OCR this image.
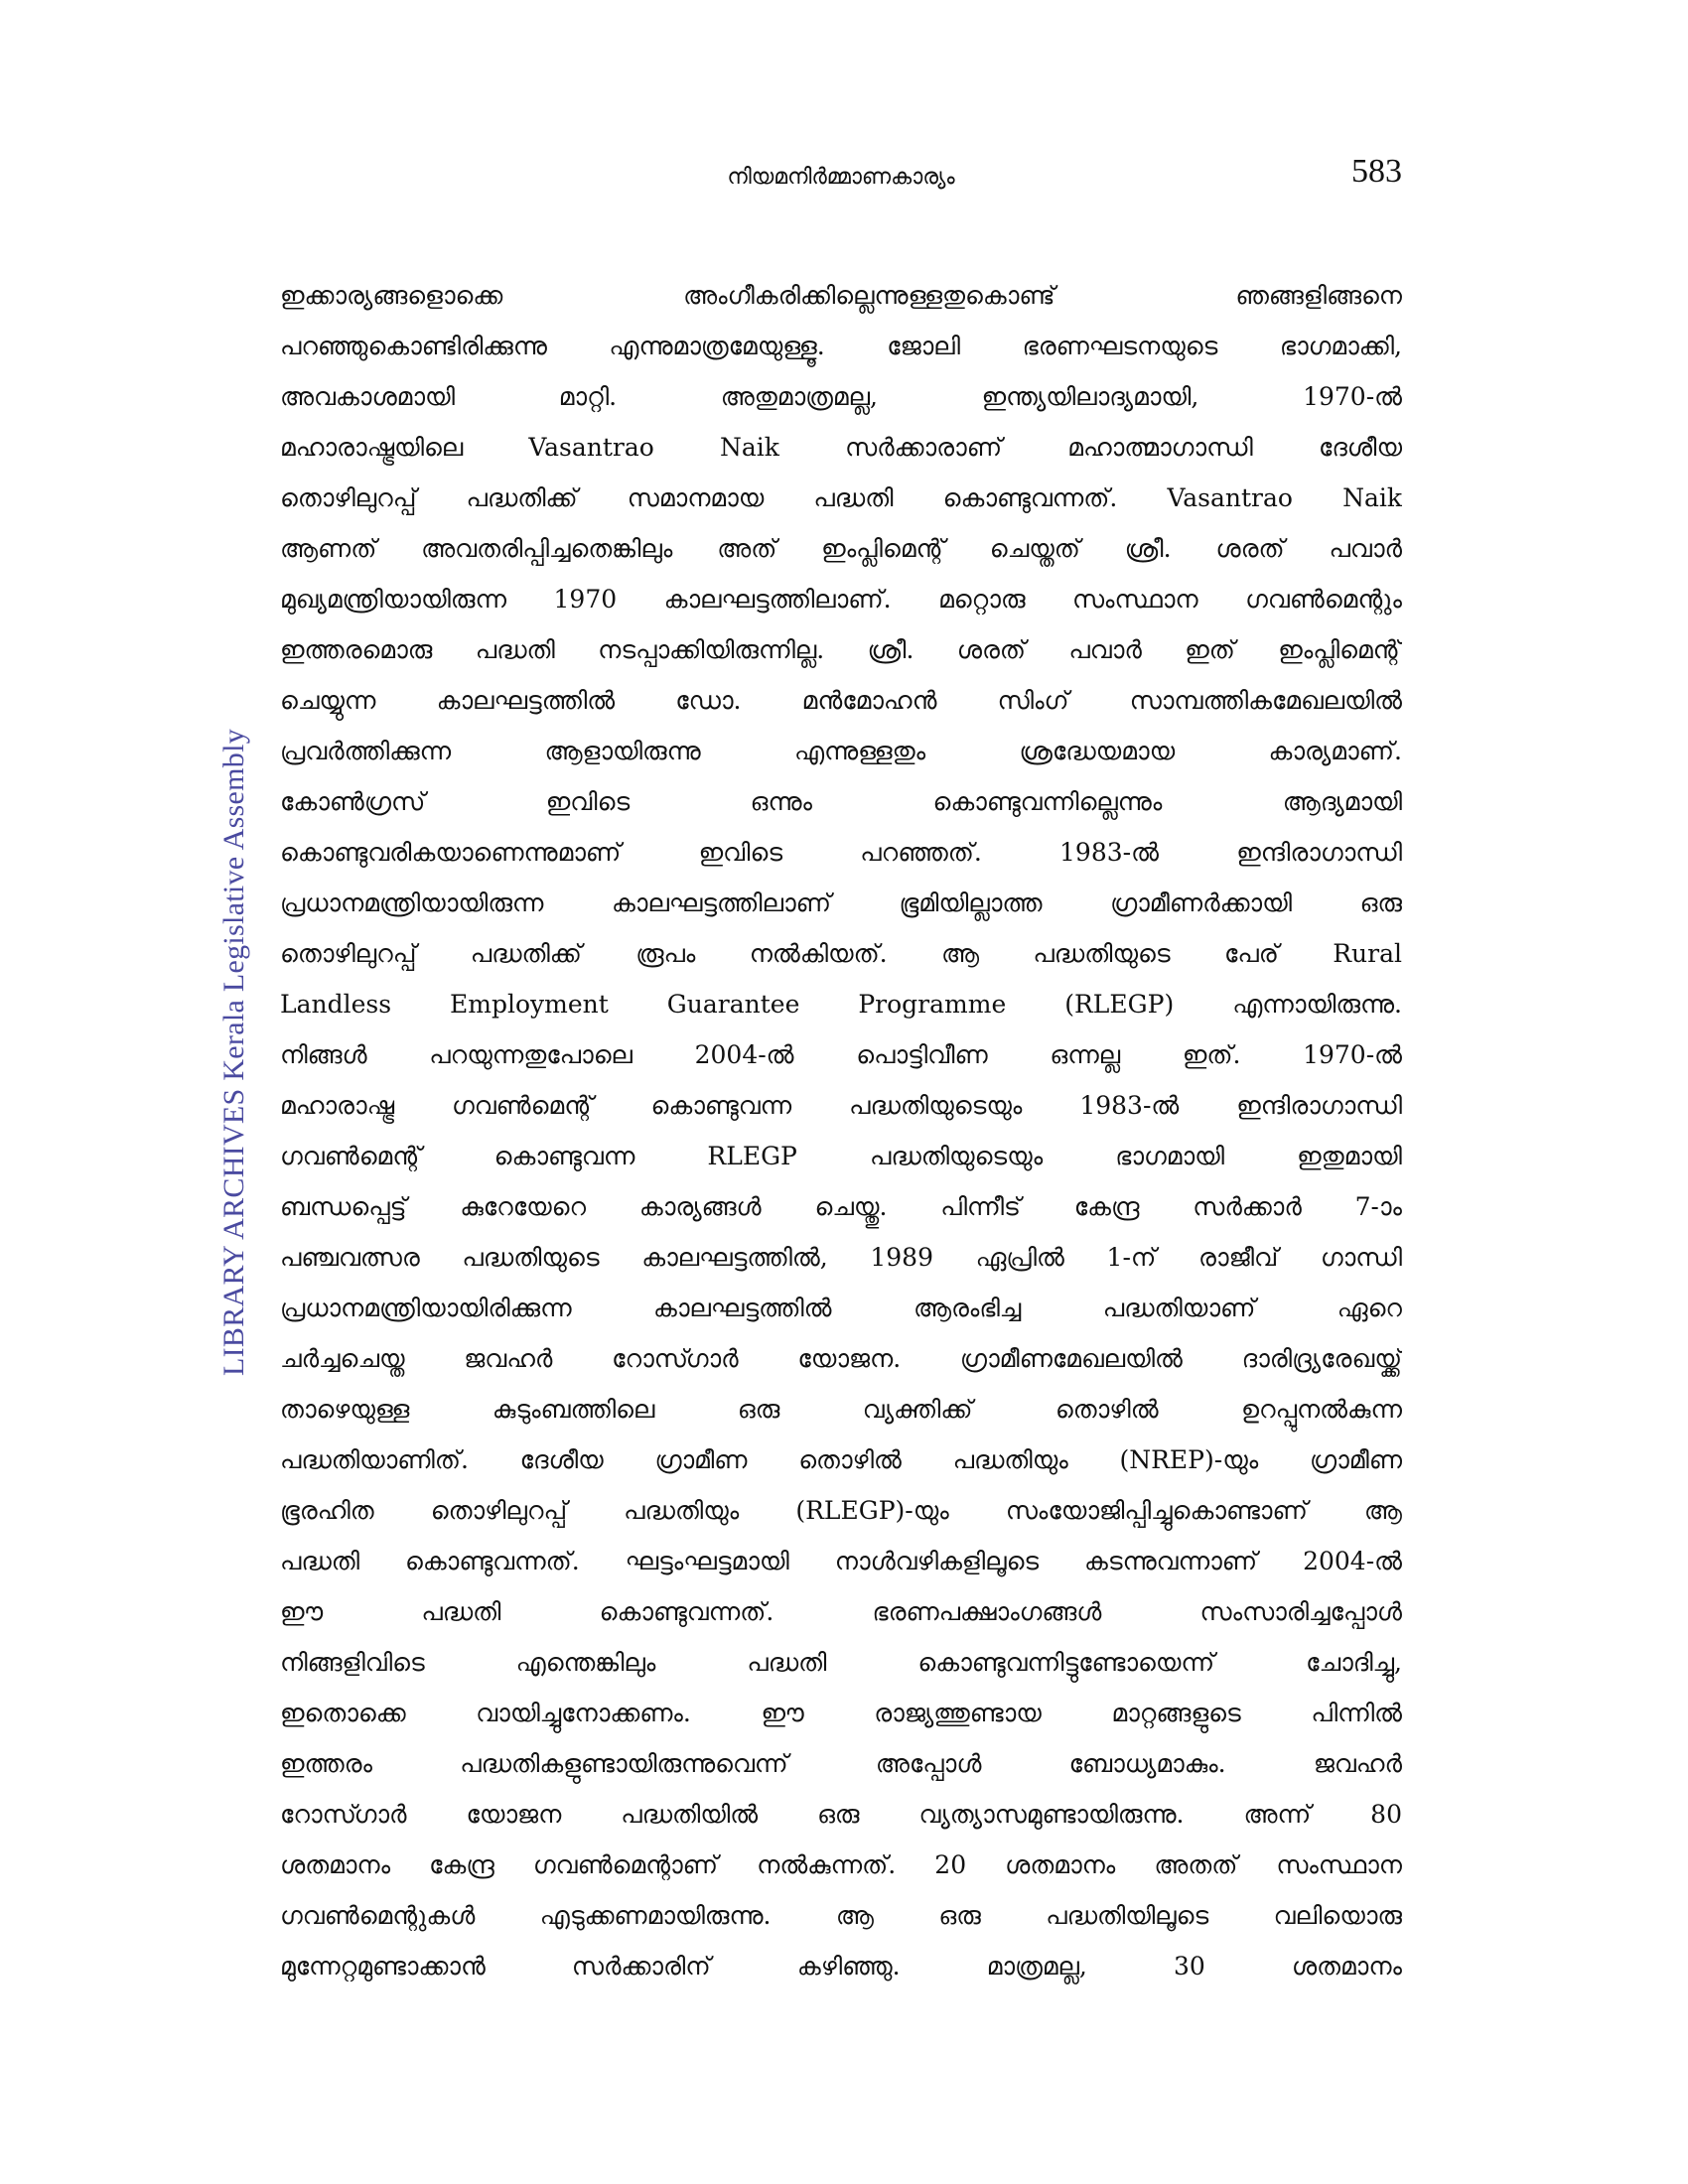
നിയമനിർമ്മാണകാര്യം	583
LIBRARY ARCHIVES Kerala Legislative Assembly
ഇക്കാര്യങ്ങളൊക്കെ അംഗീകരിക്കില്ലെന്നുള്ളതുകൊണ്ട് ഞങ്ങളിങ്ങനെ
പറഞ്ഞുകൊണ്ടിരിക്കുന്നു എന്നുമാത്രമേയുള്ളൂ. ജോലി ഭരണഘടനയുടെ ഭാഗമാക്കി,
അവകാശമായി മാറ്റി. അതുമാത്രമല്ല, ഇന്ത്യയിലാദ്യമായി, 1970-ൽ
മഹാരാഷ്ട്രയിലെ Vasantrao Naik സർക്കാരാണ് മഹാത്മാഗാന്ധി ദേശീയ
തൊഴിലുറപ്പ് പദ്ധതിക്ക് സമാനമായ പദ്ധതി കൊണ്ടുവന്നത്. Vasantrao Naik
ആണത് അവതരിപ്പിച്ചതെങ്കിലും അത് ഇംപ്ലിമെന്റ് ചെയ്തത് ശ്രീ. ശരത് പവാർ
മുഖ്യമന്ത്രിയായിരുന്ന 1970 കാലഘട്ടത്തിലാണ്. മറ്റൊരു സംസ്ഥാന ഗവൺമെന്റും
ഇത്തരമൊരു പദ്ധതി നടപ്പാക്കിയിരുന്നില്ല. ശ്രീ. ശരത് പവാർ ഇത് ഇംപ്ലിമെന്റ്
ചെയ്യുന്ന കാലഘട്ടത്തിൽ ഡോ. മൻമോഹൻ സിംഗ് സാമ്പത്തികമേഖലയിൽ
പ്രവർത്തിക്കുന്ന ആളായിരുന്നു എന്നുള്ളതും ശ്രദ്ധേയമായ കാര്യമാണ്.
കോൺഗ്രസ് ഇവിടെ ഒന്നും കൊണ്ടുവന്നില്ലെന്നും ആദ്യമായി
കൊണ്ടുവരികയാണെന്നുമാണ് ഇവിടെ പറഞ്ഞത്. 1983-ൽ ഇന്ദിരാഗാന്ധി
പ്രധാനമന്ത്രിയായിരുന്ന കാലഘട്ടത്തിലാണ് ഭൂമിയില്ലാത്ത ഗ്രാമീണർക്കായി ഒരു
തൊഴിലുറപ്പ് പദ്ധതിക്ക് രൂപം നൽകിയത്. ആ പദ്ധതിയുടെ പേര് Rural
Landless Employment Guarantee Programme (RLEGP) എന്നായിരുന്നു.
നിങ്ങൾ പറയുന്നതുപോലെ 2004-ൽ പൊട്ടിവീണ ഒന്നല്ല ഇത്. 1970-ൽ
മഹാരാഷ്ട്ര ഗവൺമെന്റ് കൊണ്ടുവന്ന പദ്ധതിയുടെയും 1983-ൽ ഇന്ദിരാഗാന്ധി
ഗവൺമെന്റ് കൊണ്ടുവന്ന RLEGP പദ്ധതിയുടെയും ഭാഗമായി ഇതുമായി
ബന്ധപ്പെട്ട് കുറേയേറെ കാര്യങ്ങൾ ചെയ്തു. പിന്നീട് കേന്ദ്ര സർക്കാർ 7-ാം
പഞ്ചവത്സര പദ്ധതിയുടെ കാലഘട്ടത്തിൽ, 1989 ഏപ്രിൽ 1-ന് രാജീവ് ഗാന്ധി
പ്രധാനമന്ത്രിയായിരിക്കുന്ന കാലഘട്ടത്തിൽ ആരംഭിച്ച പദ്ധതിയാണ് ഏറെ
ചർച്ചചെയ്ത ജവഹർ റോസ്ഗാർ യോജന. ഗ്രാമീണമേഖലയിൽ ദാരിദ്ര്യരേഖയ്ക്ക്
താഴെയുള്ള കുടുംബത്തിലെ ഒരു വ്യക്തിക്ക് തൊഴിൽ ഉറപ്പുനൽകുന്ന
പദ്ധതിയാണിത്. ദേശീയ ഗ്രാമീണ തൊഴിൽ പദ്ധതിയും (NREP)-യും ഗ്രാമീണ
ഭൂരഹിത തൊഴിലുറപ്പ് പദ്ധതിയും (RLEGP)-യും സംയോജിപ്പിച്ചുകൊണ്ടാണ് ആ
പദ്ധതി കൊണ്ടുവന്നത്. ഘട്ടംഘട്ടമായി നാൾവഴികളിലൂടെ കടന്നുവന്നാണ് 2004-ൽ
ഈ പദ്ധതി കൊണ്ടുവന്നത്. ഭരണപക്ഷാംഗങ്ങൾ സംസാരിച്ചപ്പോൾ
നിങ്ങളിവിടെ എന്തെങ്കിലും പദ്ധതി കൊണ്ടുവന്നിട്ടുണ്ടോയെന്ന് ചോദിച്ചു,
ഇതൊക്കെ വായിച്ചുനോക്കണം. ഈ രാജ്യത്തുണ്ടായ മാറ്റങ്ങളുടെ പിന്നിൽ
ഇത്തരം പദ്ധതികളുണ്ടായിരുന്നുവെന്ന് അപ്പോൾ ബോധ്യമാകും. ജവഹർ
റോസ്ഗാർ യോജന പദ്ധതിയിൽ ഒരു വ്യത്യാസമുണ്ടായിരുന്നു. അന്ന് 80
ശതമാനം കേന്ദ്ര ഗവൺമെന്റാണ് നൽകുന്നത്. 20 ശതമാനം അതത് സംസ്ഥാന
ഗവൺമെന്റുകൾ എടുക്കണമായിരുന്നു. ആ ഒരു പദ്ധതിയിലൂടെ വലിയൊരു
മുന്നേറ്റമുണ്ടാക്കാൻ സർക്കാരിന് കഴിഞ്ഞു. മാത്രമല്ല, 30 ശതമാനം
